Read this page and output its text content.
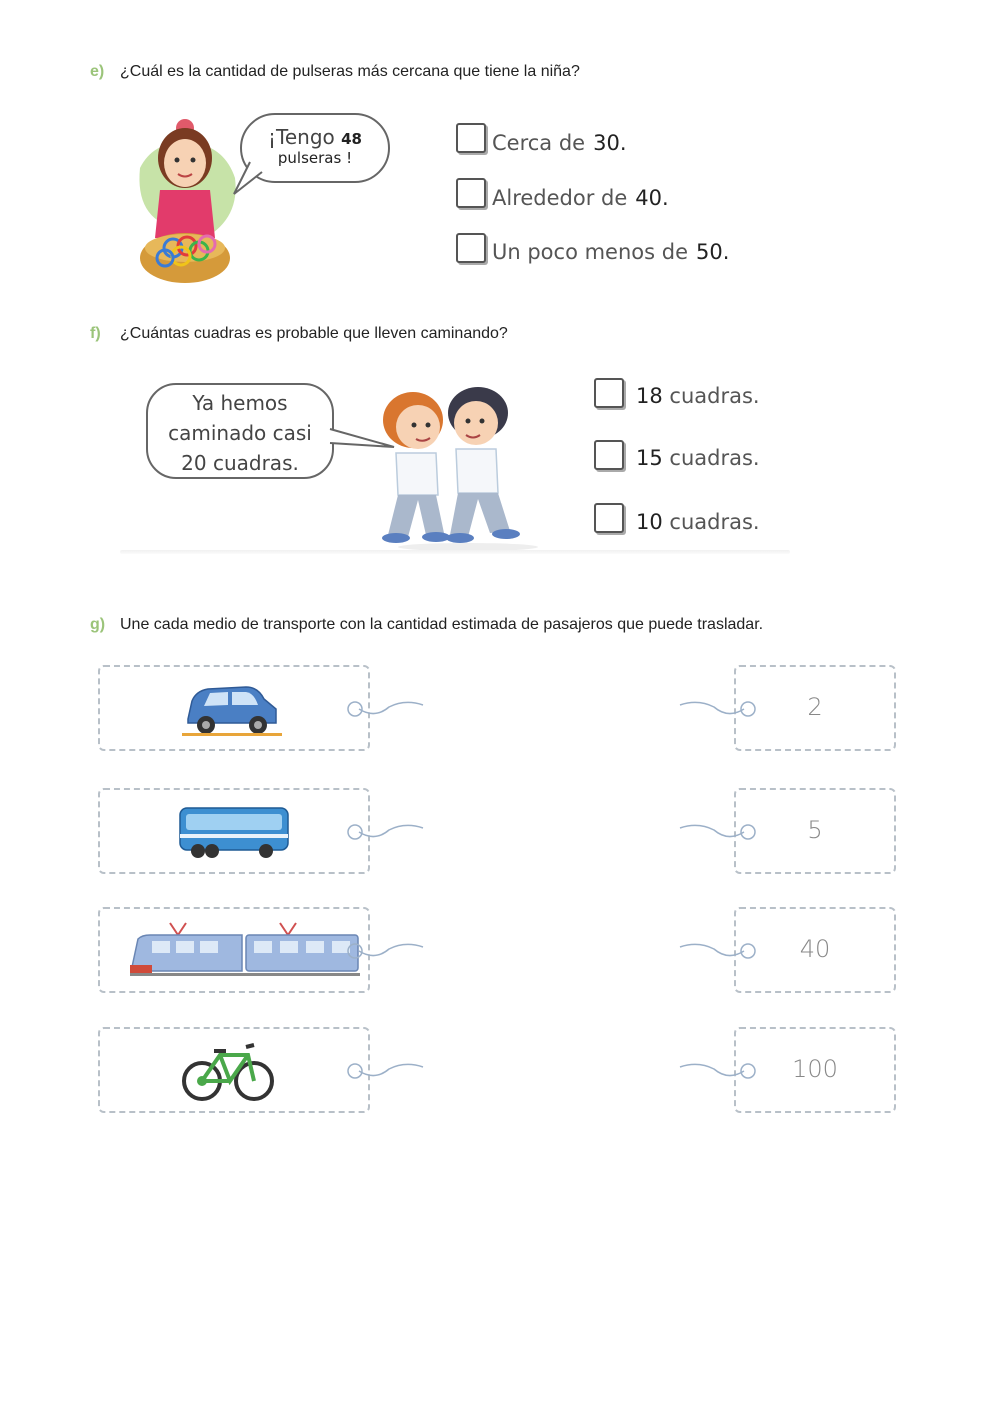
e) ¿Cuál es la cantidad de pulseras más cercana que tiene la niña?
¡Tengo 48
pulseras !
Cerca de 30.
Alrededor de 40.
Un poco menos de 50.
f) ¿Cuántas cuadras es probable que lleven caminando?
Ya hemos
caminado casi
20 cuadras.
18 cuadras.
15 cuadras.
10 cuadras.
g) Une cada medio de transporte con la cantidad estimada de pasajeros que puede trasladar.
2
5
40
100
